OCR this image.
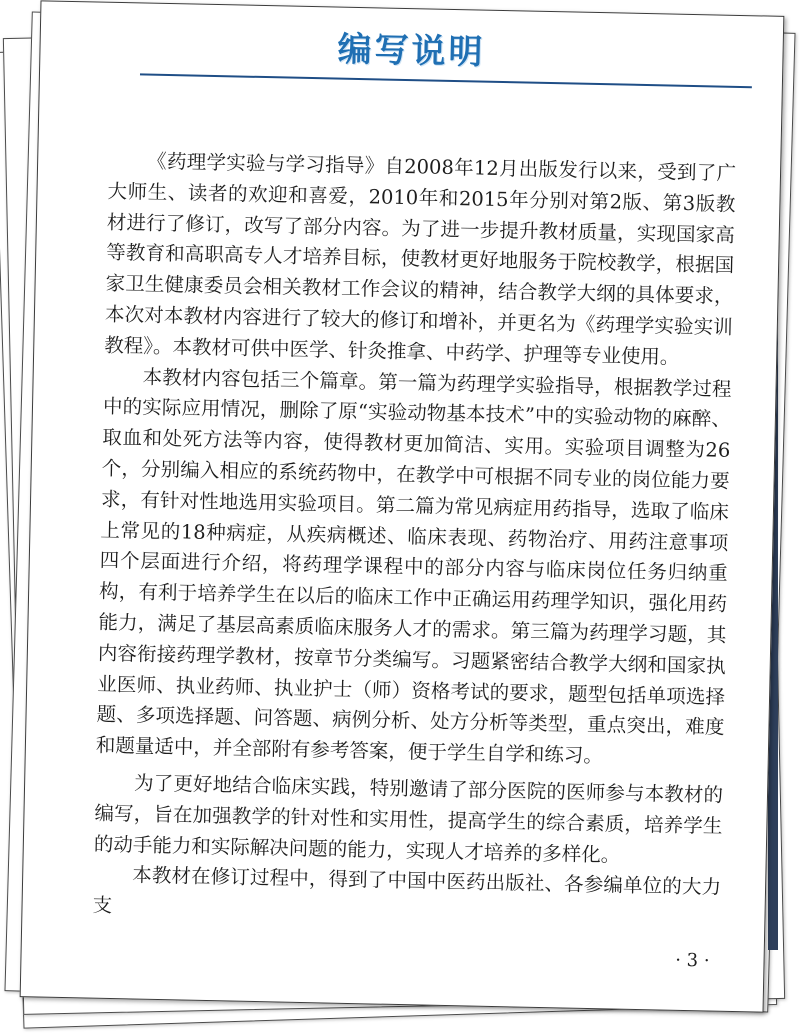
编写说明

《药理学实验与学习指导》自2008年12月出版发行以来，受到了广大师生、读者的欢迎和喜爱，2010年和2015年分别对第2版、第3版教材进行了修订，改写了部分内容。为了进一步提升教材质量，实现国家高等教育和高职高专人才培养目标，使教材更好地服务于院校教学，根据国家卫生健康委员会相关教材工作会议的精神，结合教学大纲的具体要求，本次对本教材内容进行了较大的修订和增补，并更名为《药理学实验实训教程》。本教材可供中医学、针灸推拿、中药学、护理等专业使用。

本教材内容包括三个篇章。第一篇为药理学实验指导，根据教学过程中的实际应用情况，删除了原“实验动物基本技术”中的实验动物的麻醉、取血和处死方法等内容，使得教材更加简洁、实用。实验项目调整为26个，分别编入相应的系统药物中，在教学中可根据不同专业的岗位能力要求，有针对性地选用实验项目。第二篇为常见病症用药指导，选取了临床上常见的18种病症，从疾病概述、临床表现、药物治疗、用药注意事项四个层面进行介绍，将药理学课程中的部分内容与临床岗位任务归纳重构，有利于培养学生在以后的临床工作中正确运用药理学知识，强化用药能力，满足了基层高素质临床服务人才的需求。第三篇为药理学习题，其内容衔接药理学教材，按章节分类编写。习题紧密结合教学大纲和国家执业医师、执业药师、执业护士（师）资格考试的要求，题型包括单项选择题、多项选择题、问答题、病例分析、处方分析等类型，重点突出，难度和题量适中，并全部附有参考答案，便于学生自学和练习。

为了更好地结合临床实践，特别邀请了部分医院的医师参与本教材的编写，旨在加强教学的针对性和实用性，提高学生的综合素质，培养学生的动手能力和实际解决问题的能力，实现人才培养的多样化。

本教材在修订过程中，得到了中国中医药出版社、各参编单位的大力支

· 3 ·
